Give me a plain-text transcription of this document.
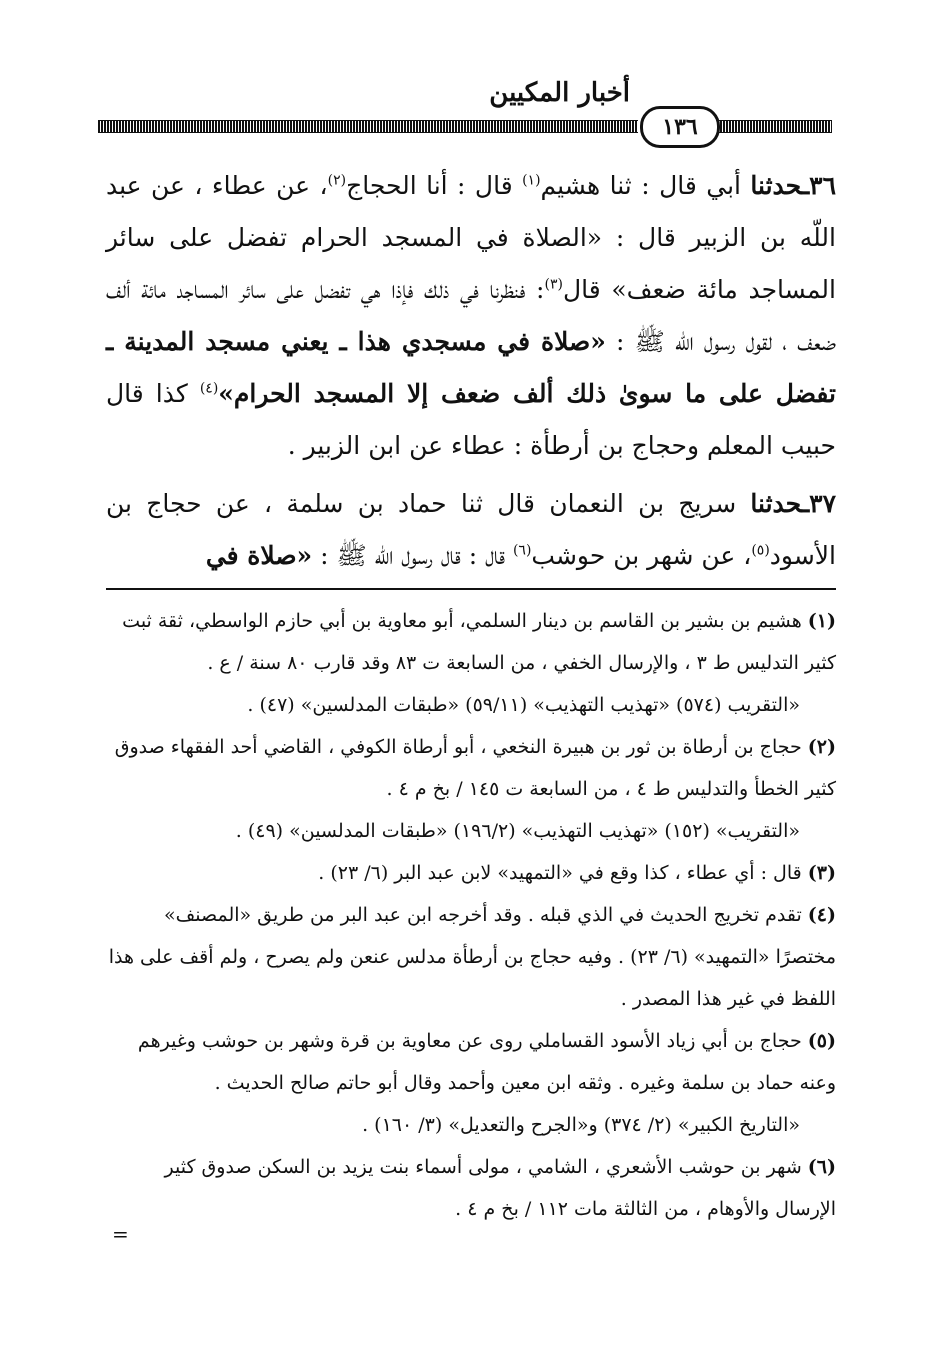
أخبار المكيين
١٣٦

٣٦ـحدثنا أبي قال : ثنا هشيم$^{(١)}$ قال : أنا الحجاج$^{(٢)}$، عن عطاء ، عن عبد اللّه بن الزبير قال : «الصلاة في المسجد الحرام تفضل على سائر المساجد مائة ضعف» قال$^{(٣)}$: فنظرنا في ذلك فإذا هي تفضل على سائر المساجد مائة ألف ضعف ، لقول رسول اللّه ﷺ : «صلاة في مسجدي هذا ـ يعني مسجد المدينة ـ تفضل على ما سوىٰ ذلك ألف ضعف إلا المسجد الحرام»$^{(٤)}$ كذا قال حبيب المعلم وحجاج بن أرطأة : عطاء عن ابن الزبير .

٣٧ـحدثنا سريج بن النعمان قال ثنا حماد بن سلمة ، عن حجاج بن الأسود$^{(٥)}$، عن شهر بن حوشب$^{(٦)}$ قال : قال رسول اللّه ﷺ : «صلاة في

(١) هشيم بن بشير بن القاسم بن دينار السلمي، أبو معاوية بن أبي حازم الواسطي، ثقة ثبت كثير التدليس ط ٣ ، والإرسال الخفي ، من السابعة ت ٨٣ وقد قارب ٨٠ سنة / ع .
«التقريب (٥٧٤) «تهذيب التهذيب» (٥٩/١١) «طبقات المدلسين» (٤٧) .

(٢) حجاج بن أرطاة بن ثور بن هبيرة النخعي ، أبو أرطاة الكوفي ، القاضي أحد الفقهاء صدوق كثير الخطأ والتدليس ط ٤ ، من السابعة ت ١٤٥ / بخ م ٤ .
«التقريب» (١٥٢) «تهذيب التهذيب» (١٩٦/٢) «طبقات المدلسين» (٤٩) .

(٣) قال : أي عطاء ، كذا وقع في «التمهيد» لابن عبد البر (٦/ ٢٣) .

(٤) تقدم تخريج الحديث في الذي قبله . وقد أخرجه ابن عبد البر من طريق «المصنف» مختصرًا «التمهيد» (٦/ ٢٣) . وفيه حجاج بن أرطأة مدلس عنعن ولم يصرح ، ولم أقف على هذا اللفظ في غير هذا المصدر .

(٥) حجاج بن أبي زياد الأسود القساملي روى عن معاوية بن قرة وشهر بن حوشب وغيرهم وعنه حماد بن سلمة وغيره . وثقه ابن معين وأحمد وقال أبو حاتم صالح الحديث .
«التاريخ الكبير» (٢/ ٣٧٤) و«الجرح والتعديل» (٣/ ١٦٠) .

(٦) شهر بن حوشب الأشعري ، الشامي ، مولى أسماء بنت يزيد بن السكن صدوق كثير الإرسال والأوهام ، من الثالثة مات ١١٢ / بخ م ٤ .

=
